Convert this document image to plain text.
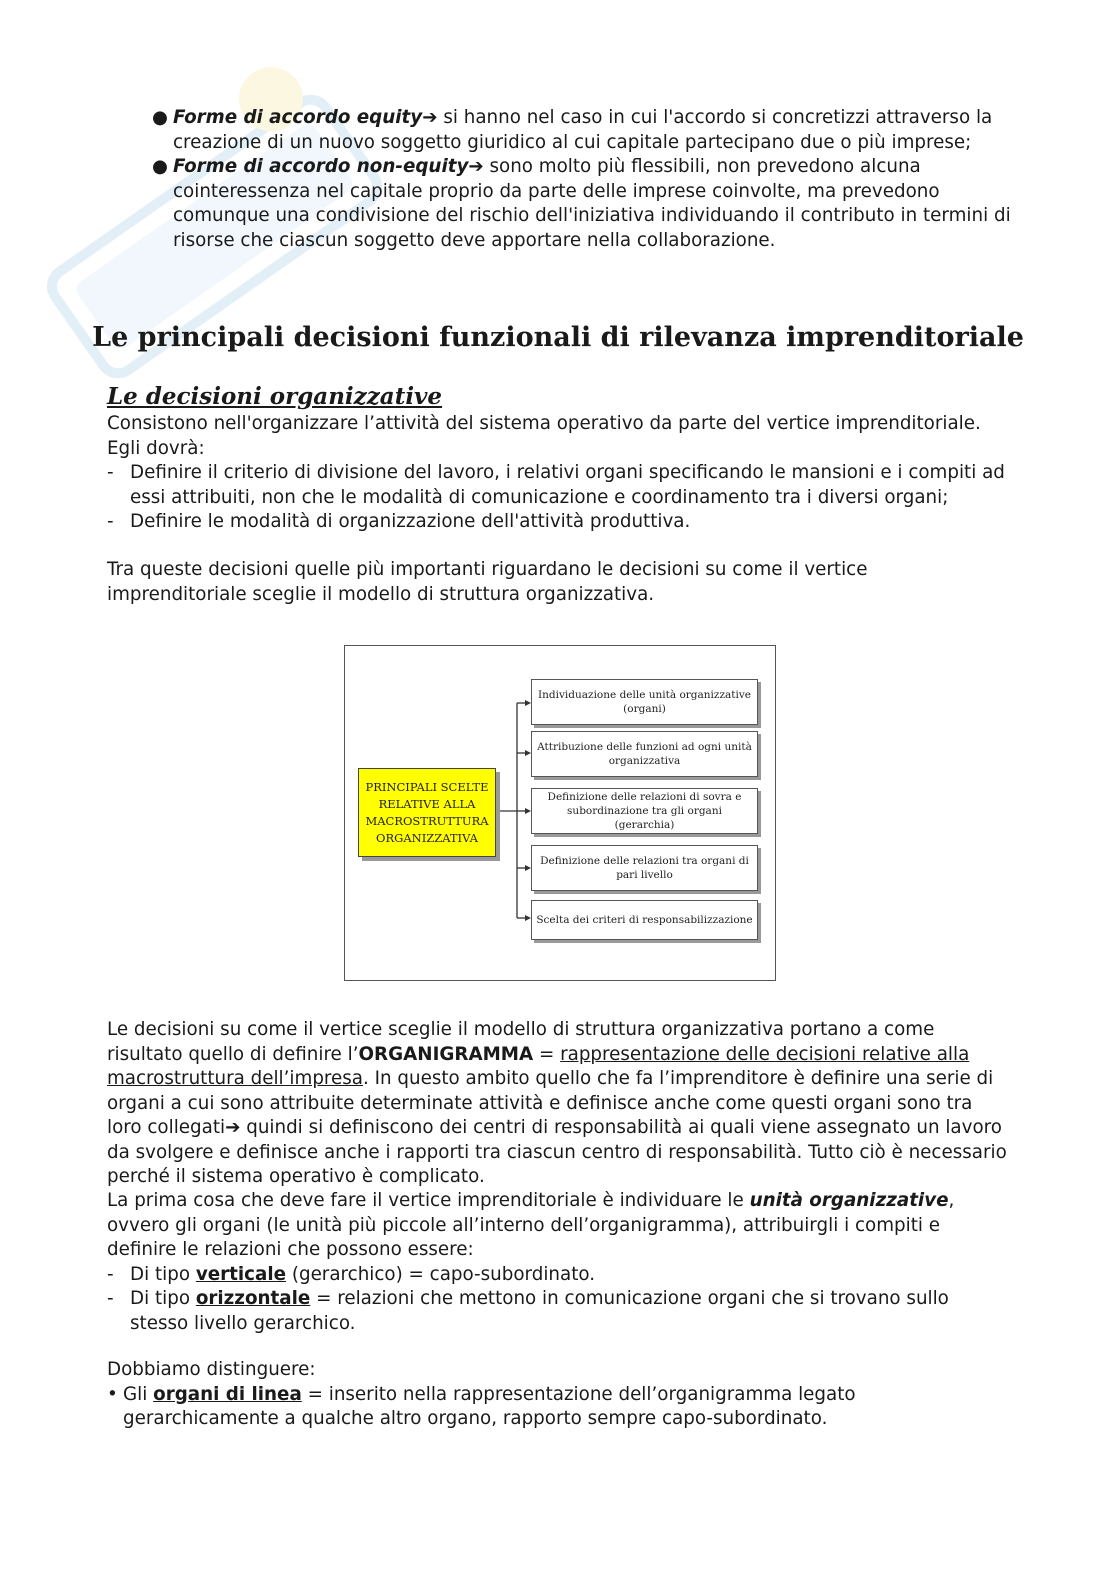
● Forme di accordo equity➔ si hanno nel caso in cui l'accordo si concretizzi attraverso la creazione di un nuovo soggetto giuridico al cui capitale partecipano due o più imprese;
● Forme di accordo non-equity➔ sono molto più flessibili, non prevedono alcuna cointeressenza nel capitale proprio da parte delle imprese coinvolte, ma prevedono comunque una condivisione del rischio dell'iniziativa individuando il contributo in termini di risorse che ciascun soggetto deve apportare nella collaborazione.
Le principali decisioni funzionali di rilevanza imprenditoriale
Le decisioni organizzative
Consistono nell'organizzare l’attività del sistema operativo da parte del vertice imprenditoriale.
Egli dovrà:
- Definire il criterio di divisione del lavoro, i relativi organi specificando le mansioni e i compiti ad essi attribuiti, non che le modalità di comunicazione e coordinamento tra i diversi organi;
- Definire le modalità di organizzazione dell'attività produttiva.
Tra queste decisioni quelle più importanti riguardano le decisioni su come il vertice imprenditoriale sceglie il modello di struttura organizzativa.
PRINCIPALI SCELTE RELATIVE ALLA MACROSTRUTTURA ORGANIZZATIVA
Individuazione delle unità organizzative (organi)
Attribuzione delle funzioni ad ogni unità organizzativa
Definizione delle relazioni di sovra e subordinazione tra gli organi (gerarchia)
Definizione delle relazioni tra organi di pari livello
Scelta dei criteri di responsabilizzazione
Le decisioni su come il vertice sceglie il modello di struttura organizzativa portano a come risultato quello di definire l’ORGANIGRAMMA = rappresentazione delle decisioni relative alla macrostruttura dell’impresa. In questo ambito quello che fa l’imprenditore è definire una serie di organi a cui sono attribuite determinate attività e definisce anche come questi organi sono tra loro collegati➔ quindi si definiscono dei centri di responsabilità ai quali viene assegnato un lavoro da svolgere e definisce anche i rapporti tra ciascun centro di responsabilità. Tutto ciò è necessario perché il sistema operativo è complicato.
La prima cosa che deve fare il vertice imprenditoriale è individuare le unità organizzative, ovvero gli organi (le unità più piccole all’interno dell’organigramma), attribuirgli i compiti e definire le relazioni che possono essere:
- Di tipo verticale (gerarchico) = capo-subordinato.
- Di tipo orizzontale = relazioni che mettono in comunicazione organi che si trovano sullo stesso livello gerarchico.
Dobbiamo distinguere:
• Gli organi di linea = inserito nella rappresentazione dell’organigramma legato gerarchicamente a qualche altro organo, rapporto sempre capo-subordinato.
